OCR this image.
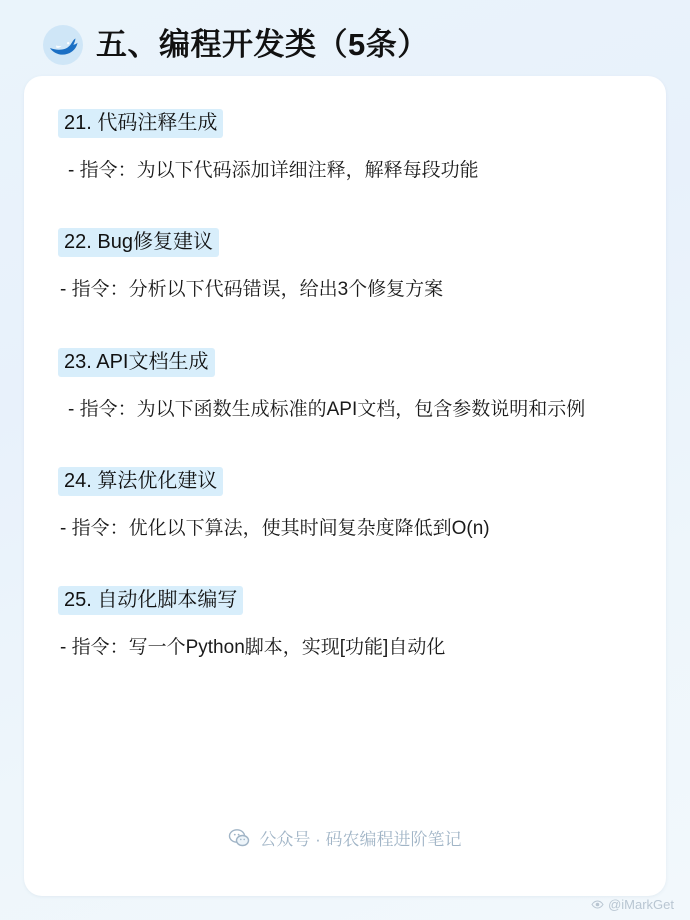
五、编程开发类（5条）
21. 代码注释生成
- 指令：为以下代码添加详细注释，解释每段功能
22. Bug修复建议
- 指令：分析以下代码错误，给出3个修复方案
23. API文档生成
- 指令：为以下函数生成标准的API文档，包含参数说明和示例
24. 算法优化建议
- 指令：优化以下算法，使其时间复杂度降低到O(n)
25. 自动化脚本编写
- 指令：写一个Python脚本，实现[功能]自动化
公众号 · 码农编程进阶笔记
@iMarkGet
